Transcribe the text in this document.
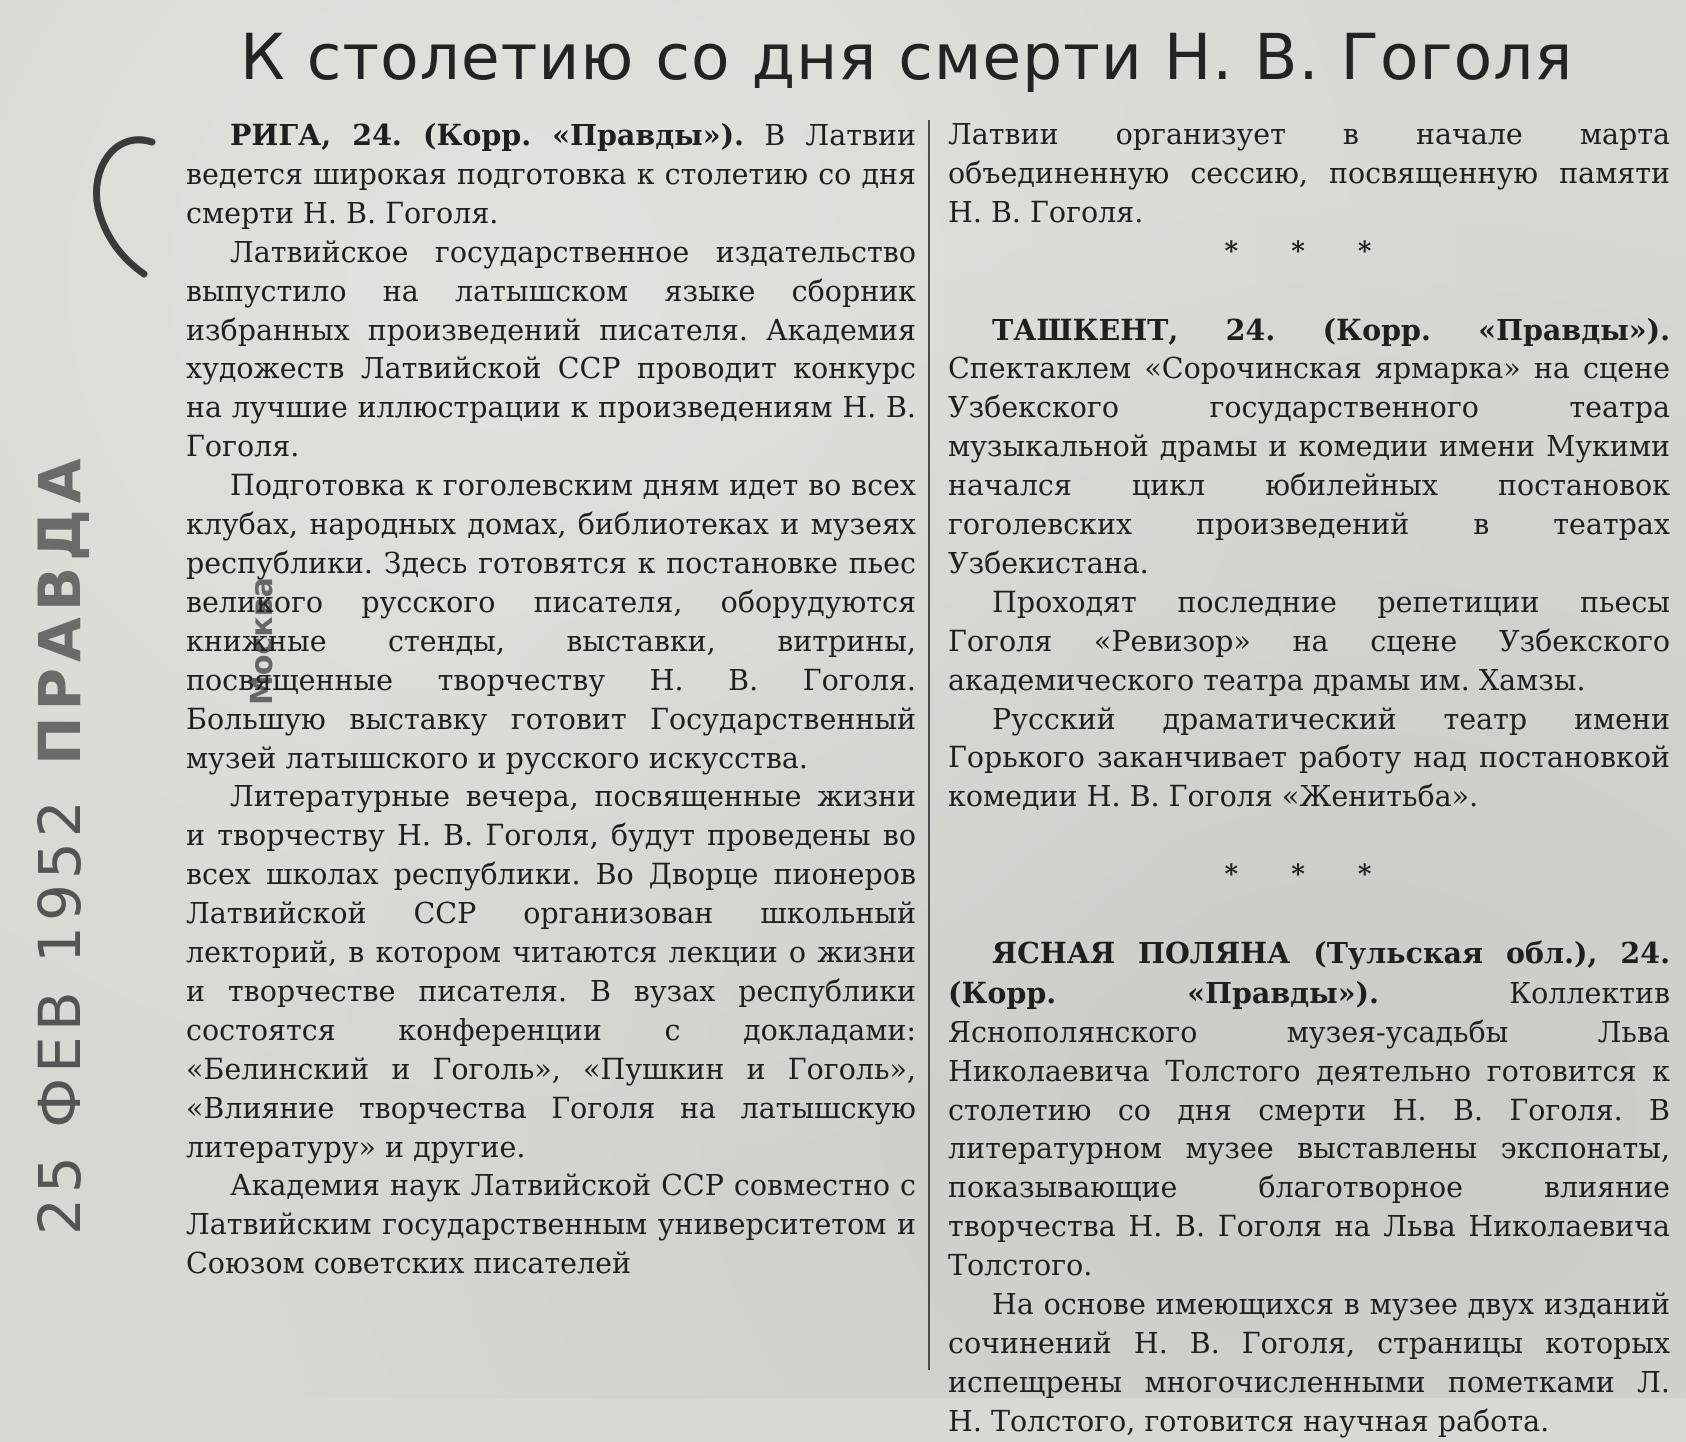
К столетию со дня смерти Н. В. Гоголя
25 ФЕВ 1952
ПРАВДА	Москва

РИГА, 24. (Корр. «Правды»). В Латвии ведется широкая подготовка к столетию со дня смерти Н. В. Гоголя.

Латвийское государственное издательство выпустило на латышском языке сборник избранных произведений писателя. Академия художеств Латвийской ССР проводит конкурс на лучшие иллюстрации к произведениям Н. В. Гоголя.

Подготовка к гоголевским дням идет во всех клубах, народных домах, библиотеках и музеях республики. Здесь готовятся к постановке пьес великого русского писателя, оборудуются книжные стенды, выставки, витрины, посвященные творчеству Н. В. Гоголя. Большую выставку готовит Государственный музей латышского и русского искусства.

Литературные вечера, посвященные жизни и творчеству Н. В. Гоголя, будут проведены во всех школах республики. Во Дворце пионеров Латвийской ССР организован школьный лекторий, в котором читаются лекции о жизни и творчестве писателя. В вузах республики состоятся конференции с докладами: «Белинский и Гоголь», «Пушкин и Гоголь», «Влияние творчества Гоголя на латышскую литературу» и другие.

Академия наук Латвийской ССР совместно с Латвийским государственным университетом и Союзом советских писателей

Латвии организует в начале марта объединенную сессию, посвященную памяти Н. В. Гоголя.

* * *

ТАШКЕНТ, 24. (Корр. «Правды»). Спектаклем «Сорочинская ярмарка» на сцене Узбекского государственного театра музыкальной драмы и комедии имени Мукими начался цикл юбилейных постановок гоголевских произведений в театрах Узбекистана.

Проходят последние репетиции пьесы Гоголя «Ревизор» на сцене Узбекского академического театра драмы им. Хамзы.

Русский драматический театр имени Горького заканчивает работу над постановкой комедии Н. В. Гоголя «Женитьба».

* * *

ЯСНАЯ ПОЛЯНА (Тульская обл.), 24. (Корр. «Правды»). Коллектив Яснополянского музея-усадьбы Льва Николаевича Толстого деятельно готовится к столетию со дня смерти Н. В. Гоголя. В литературном музее выставлены экспонаты, показывающие благотворное влияние творчества Н. В. Гоголя на Льва Николаевича Толстого.

На основе имеющихся в музее двух изданий сочинений Н. В. Гоголя, страницы которых испещрены многочисленными пометками Л. Н. Толстого, готовится научная работа.
